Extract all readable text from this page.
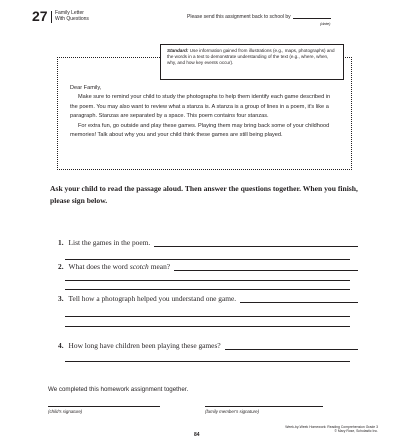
27 Family Letter
With Questions	Please send this assignment back to school by
(date)

Dear Family,

Make sure to remind your child to study the photographs to help them identify each game described in the poem. You may also want to review what a stanza is. A stanza is a group of lines in a poem, it's like a paragraph. Stanzas are separated by a space. This poem contains four stanzas.

For extra fun, go outside and play these games. Playing them may bring back some of your childhood memories! Talk about why you and your child think these games are still being played.

Standard: Use information gained from illustrations (e.g., maps, photographs) and the words in a text to demonstrate understanding of the text (e.g., where, when, why, and how key events occur).
Ask your child to read the passage aloud. Then answer the questions together. When you finish, please sign below.
1. List the games in the poem.
2. What does the word scotch mean?
3. Tell how a photograph helped you understand one game.
4. How long have children been playing these games?
We completed this homework assignment together.
(child's signature)	(family member's signature)
84
Week-by-Week Homework: Reading Comprehension Grade 3
© Mary Rose, Scholastic Inc.
